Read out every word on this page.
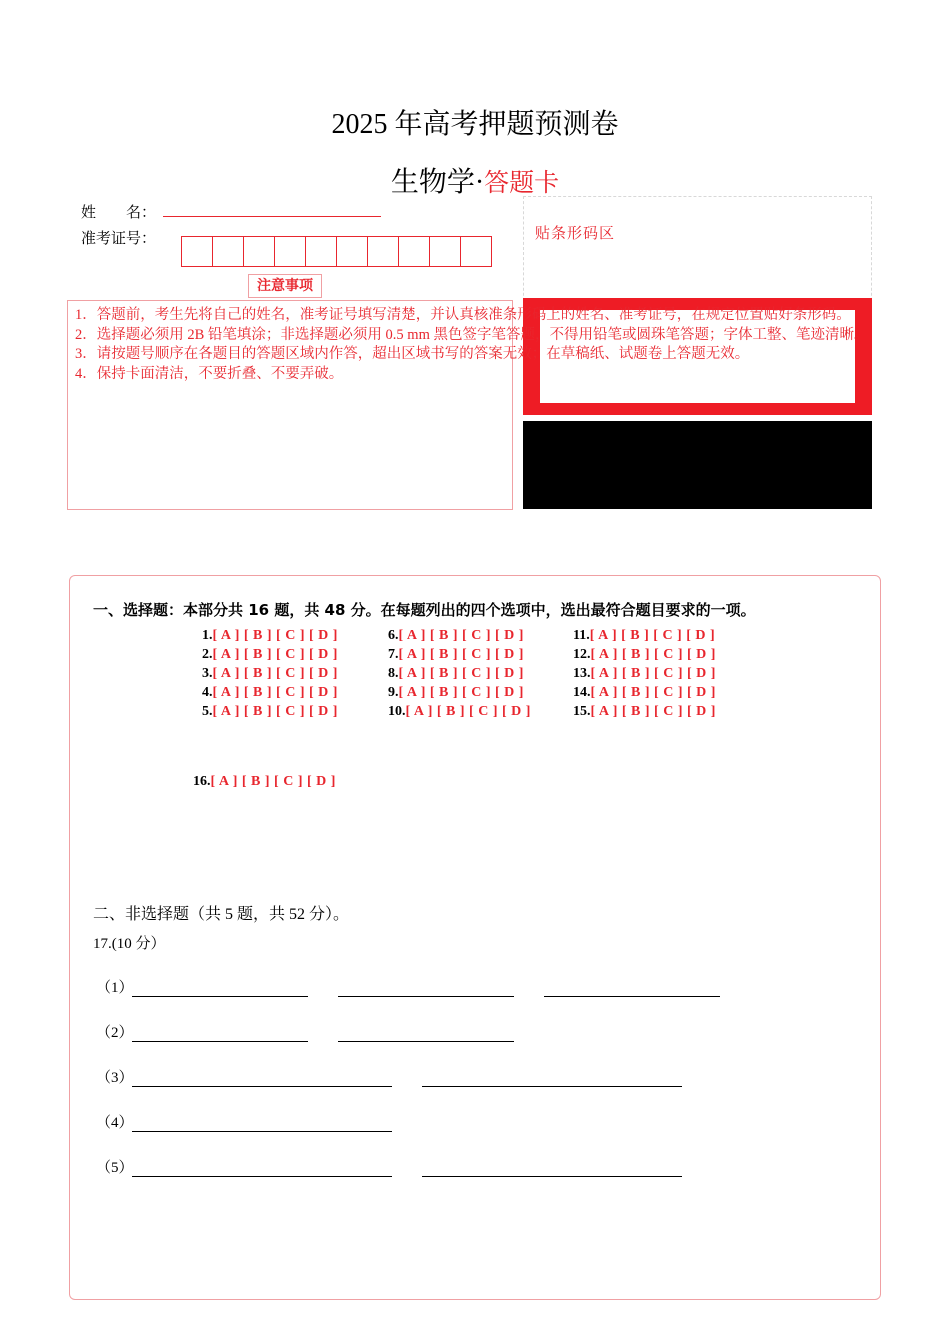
2025 年高考押题预测卷
生物学·答题卡
姓　　名：
准考证号：	贴条形码区
注意事项
1．答题前，考生先将自己的姓名，准考证号填写清楚，并认真核准条形码上的姓名、准考证号，在规定位置贴好条形码。
2．选择题必须用 2B 铅笔填涂；非选择题必须用 0.5 mm 黑色签字笔答题，不得用铅笔或圆珠笔答题；字体工整、笔迹清晰。
3．请按题号顺序在各题目的答题区域内作答，超出区域书写的答案无效；在草稿纸、试题卷上答题无效。
4．保持卡面清洁，不要折叠、不要弄破。
一、选择题：本部分共 16 题，共 48 分。在每题列出的四个选项中，选出最符合题目要求的一项。
1.[ A ] [ B ] [ C ] [ D ]
2.[ A ] [ B ] [ C ] [ D ]
3.[ A ] [ B ] [ C ] [ D ]
4.[ A ] [ B ] [ C ] [ D ]
5.[ A ] [ B ] [ C ] [ D ]
6.[ A ] [ B ] [ C ] [ D ]
7.[ A ] [ B ] [ C ] [ D ]
8.[ A ] [ B ] [ C ] [ D ]
9.[ A ] [ B ] [ C ] [ D ]
10.[ A ] [ B ] [ C ] [ D ]
11.[ A ] [ B ] [ C ] [ D ]
12.[ A ] [ B ] [ C ] [ D ]
13.[ A ] [ B ] [ C ] [ D ]
14.[ A ] [ B ] [ C ] [ D ]
15.[ A ] [ B ] [ C ] [ D ]
16.[ A ] [ B ] [ C ] [ D ]
二、非选择题（共 5 题，共 52 分）。
17.(10 分）
（1）
（2）
（3）
（4）
（5）
